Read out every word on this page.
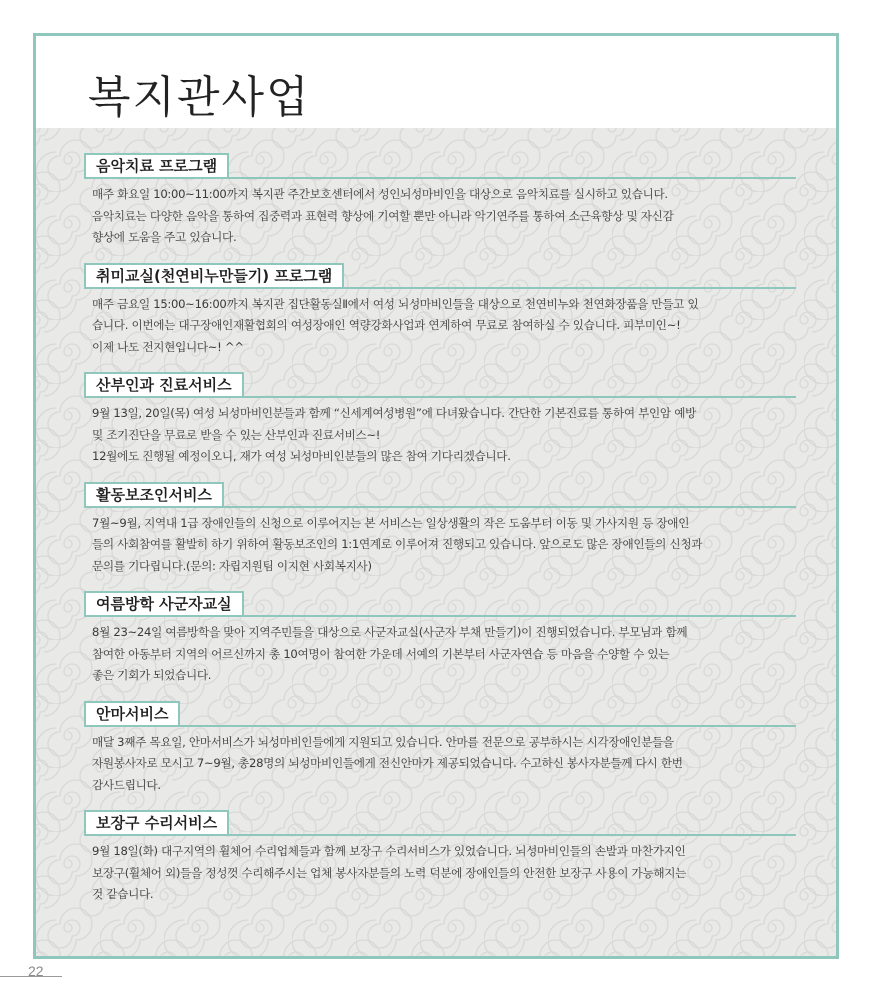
복지관사업
음악치료 프로그램

매주 화요일 10:00~11:00까지 복지관 주간보호센터에서 성인뇌성마비인을 대상으로 음악치료를 실시하고 있습니다.
음악치료는 다양한 음악을 통하여 집중력과 표현력 향상에 기여할 뿐만 아니라 악기연주를 통하여 소근육향상 및 자신감
향상에 도움을 주고 있습니다.

취미교실(천연비누만들기) 프로그램

매주 금요일 15:00~16:00까지 복지관 집단활동실Ⅱ에서 여성 뇌성마비인들을 대상으로 천연비누와 천연화장품을 만들고 있
습니다. 이번에는 대구장애인재활협회의 여성장애인 역량강화사업과 연계하여 무료로 참여하실 수 있습니다. 피부미인~!
이제 나도 전지현입니다~! ^^

산부인과 진료서비스

9월 13일, 20일(목) 여성 뇌성마비인분들과 함께 “신세계여성병원”에 다녀왔습니다. 간단한 기본진료를 통하여 부인암 예방
및 조기진단을 무료로 받을 수 있는 산부인과 진료서비스~!
12월에도 진행될 예정이오니, 재가 여성 뇌성마비인분들의 많은 참여 기다리겠습니다.

활동보조인서비스

7월~9월, 지역내 1급 장애인들의 신청으로 이루어지는 본 서비스는 일상생활의 작은 도움부터 이동 및 가사지원 등 장애인
들의 사회참여를 활발히 하기 위하여 활동보조인의 1:1연계로 이루어져 진행되고 있습니다. 앞으로도 많은 장애인들의 신청과
문의를 기다립니다.(문의: 자립지원팀 이지현 사회복지사)

여름방학 사군자교실

8월 23~24일 여름방학을 맞아 지역주민들을 대상으로 사군자교실(사군자 부채 만들기)이 진행되었습니다. 부모님과 함께
참여한 아동부터 지역의 어르신까지 총 10여명이 참여한 가운데 서예의 기본부터 사군자연습 등 마음을 수양할 수 있는
좋은 기회가 되었습니다.

안마서비스

매달 3째주 목요일, 안마서비스가 뇌성마비인들에게 지원되고 있습니다. 안마를 전문으로 공부하시는 시각장애인분들을
자원봉사자로 모시고 7~9월, 총28명의 뇌성마비인들에게 전신안마가 제공되었습니다. 수고하신 봉사자분들께 다시 한번
감사드립니다.

보장구 수리서비스

9월 18일(화) 대구지역의 휠체어 수리업체들과 함께 보장구 수리서비스가 있었습니다. 뇌성마비인들의 손발과 마찬가지인
보장구(휠체어 외)들을 정성껏 수리해주시는 업체 봉사자분들의 노력 덕분에 장애인들의 안전한 보장구 사용이 가능해지는
것 같습니다.

22
